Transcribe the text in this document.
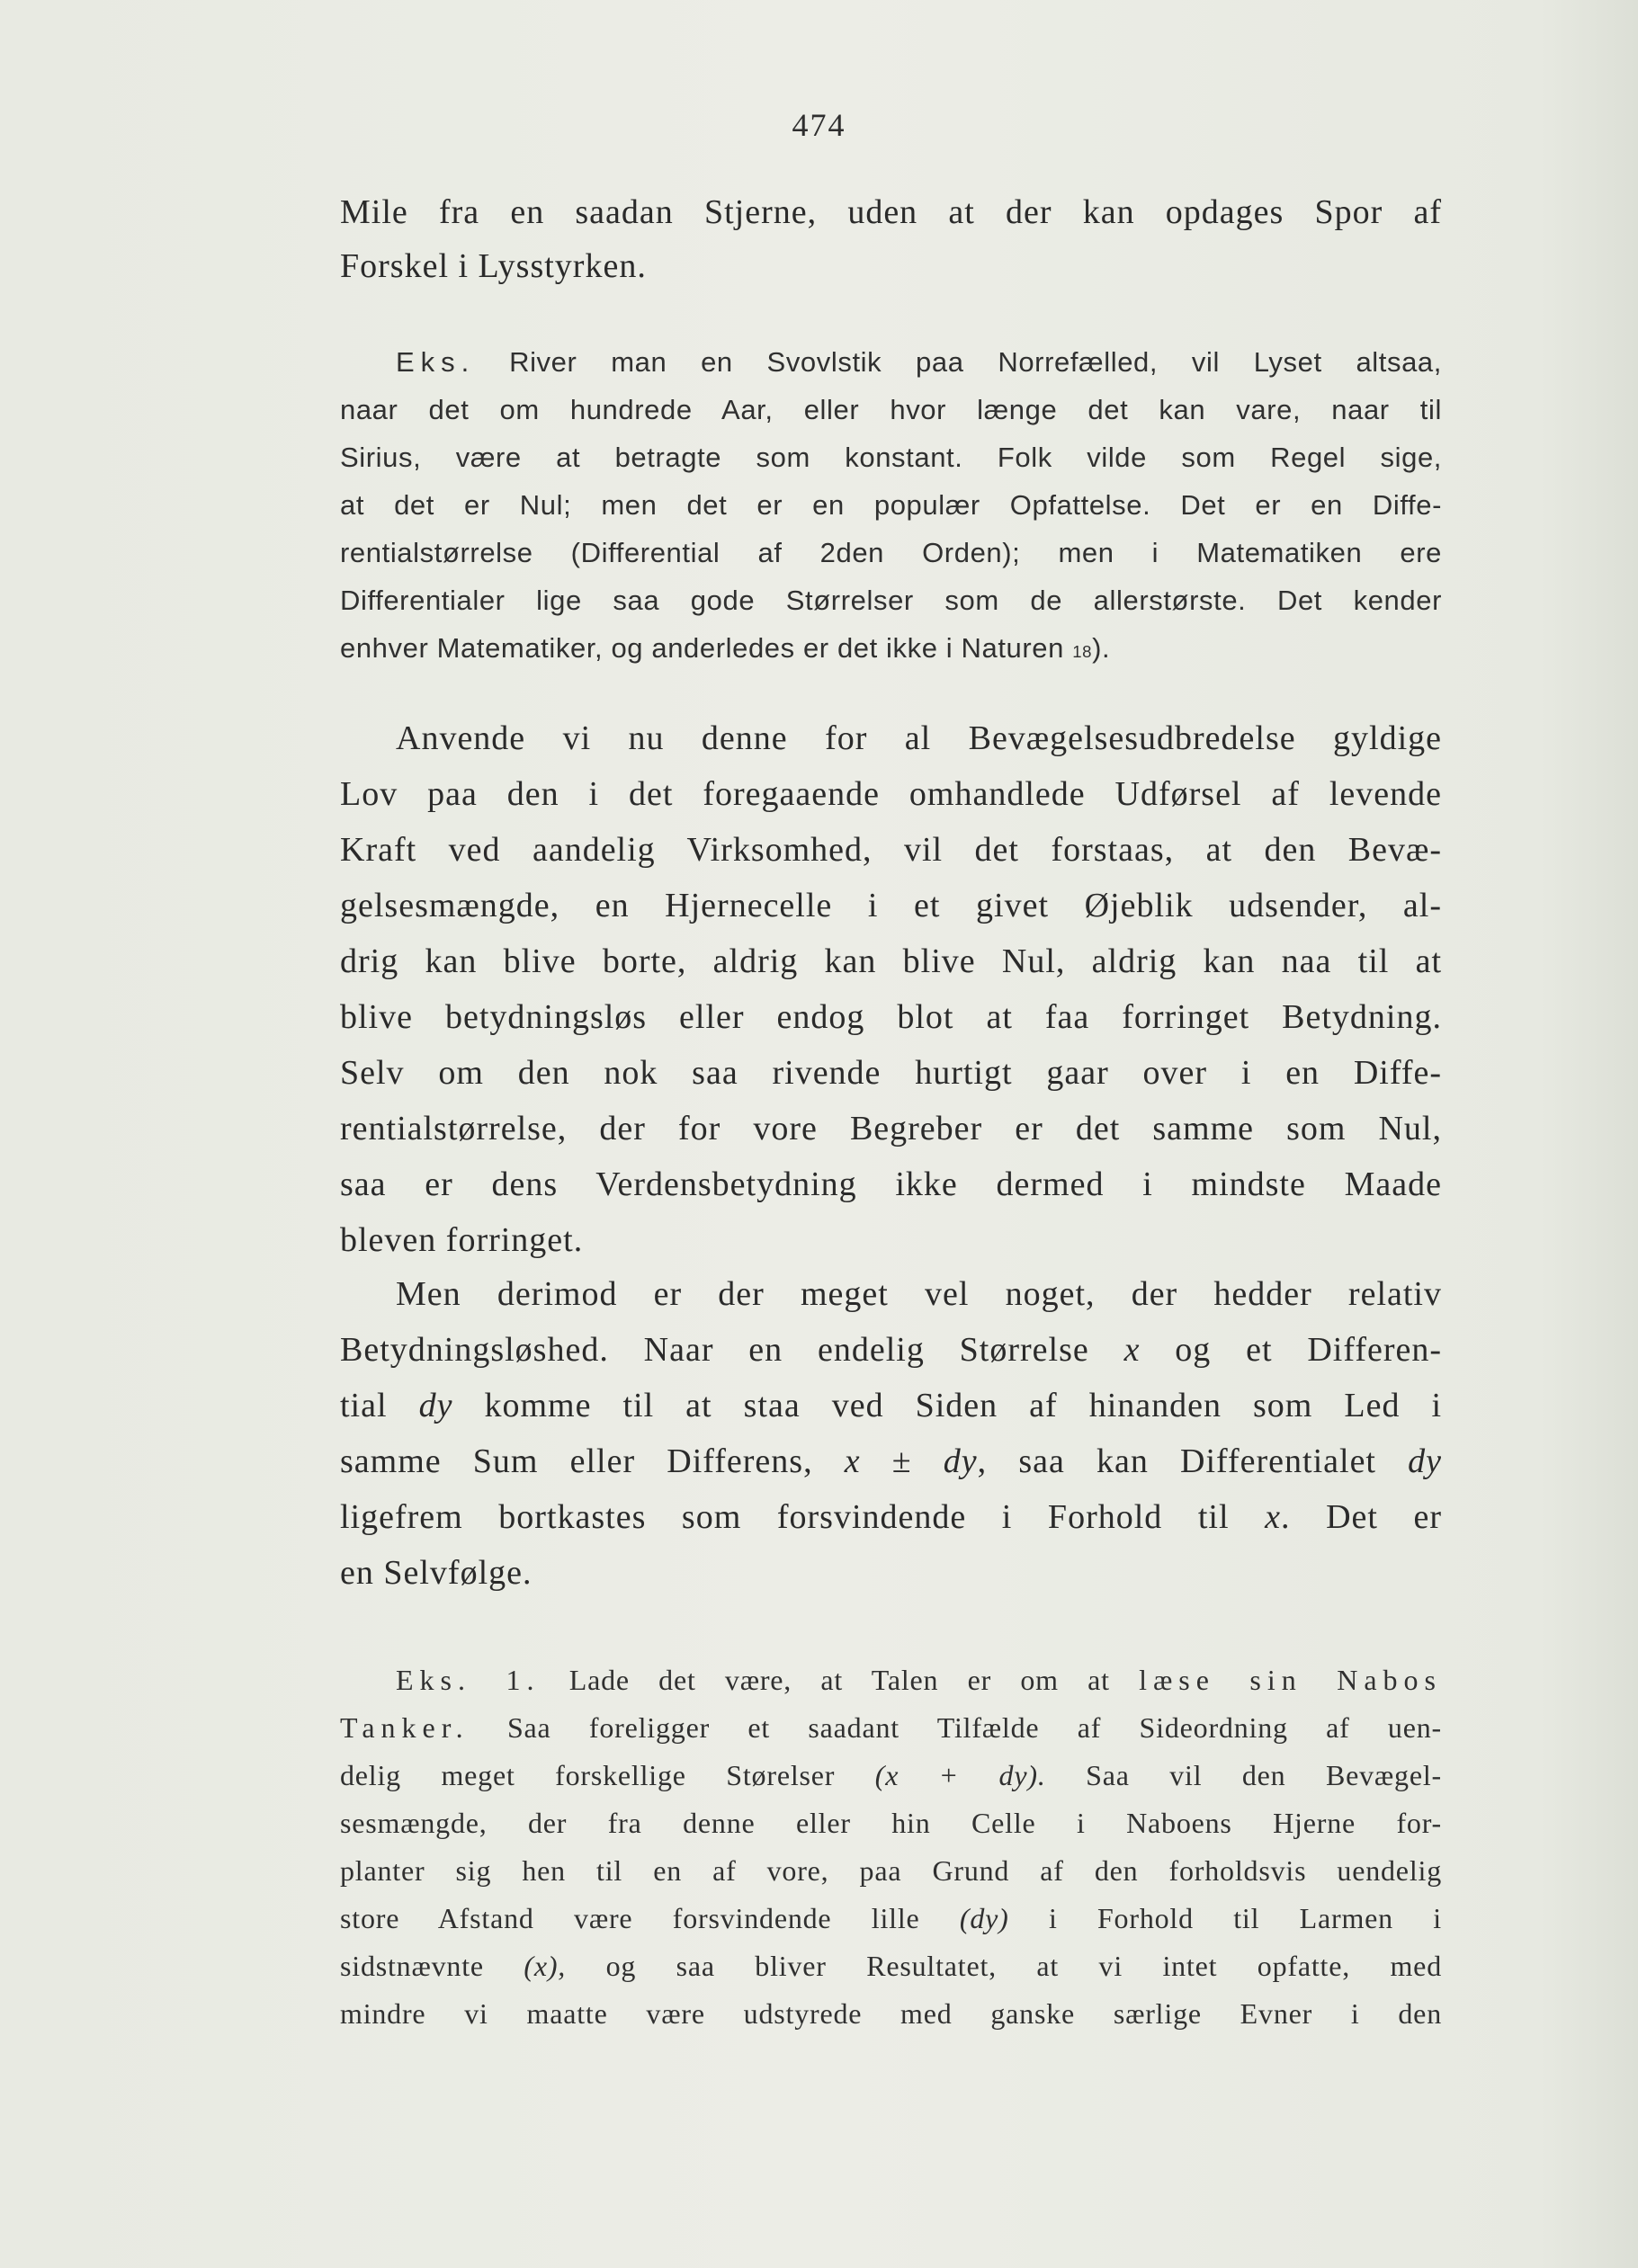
474
Mile fra en saadan Stjerne, uden at der kan opdages Spor af
Forskel i Lysstyrken.
Eks. River man en Svovlstik paa Norrefælled, vil Lyset altsaa,
naar det om hundrede Aar, eller hvor længe det kan vare, naar til
Sirius, være at betragte som konstant. Folk vilde som Regel sige,
at det er Nul; men det er en populær Opfattelse. Det er en Diffe-
rentialstørrelse (Differential af 2den Orden); men i Matematiken ere
Differentialer lige saa gode Størrelser som de allerstørste. Det kender
enhver Matematiker, og anderledes er det ikke i Naturen $^{18}$).
Anvende vi nu denne for al Bevægelsesudbredelse gyldige
Lov paa den i det foregaaende omhandlede Udførsel af levende
Kraft ved aandelig Virksomhed, vil det forstaas, at den Bevæ-
gelsesmængde, en Hjernecelle i et givet Øjeblik udsender, al-
drig kan blive borte, aldrig kan blive Nul, aldrig kan naa til at
blive betydningsløs eller endog blot at faa forringet Betydning.
Selv om den nok saa rivende hurtigt gaar over i en Diffe-
rentialstørrelse, der for vore Begreber er det samme som Nul,
saa er dens Verdensbetydning ikke dermed i mindste Maade
bleven forringet.
Men derimod er der meget vel noget, der hedder relativ
Betydningsløshed. Naar en endelig Størrelse x og et Differen-
tial dy komme til at staa ved Siden af hinanden som Led i
samme Sum eller Differens, x ± dy, saa kan Differentialet dy
ligefrem bortkastes som forsvindende i Forhold til x. Det er
en Selvfølge.
Eks. 1. Lade det være, at Talen er om at læse sin Nabos
Tanker. Saa foreligger et saadant Tilfælde af Sideordning af uen-
delig meget forskellige Størelser (x + dy). Saa vil den Bevægel-
sesmængde, der fra denne eller hin Celle i Naboens Hjerne for-
planter sig hen til en af vore, paa Grund af den forholdsvis uendelig
store Afstand være forsvindende lille (dy) i Forhold til Larmen i
sidstnævnte (x), og saa bliver Resultatet, at vi intet opfatte, med
mindre vi maatte være udstyrede med ganske særlige Evner i den
